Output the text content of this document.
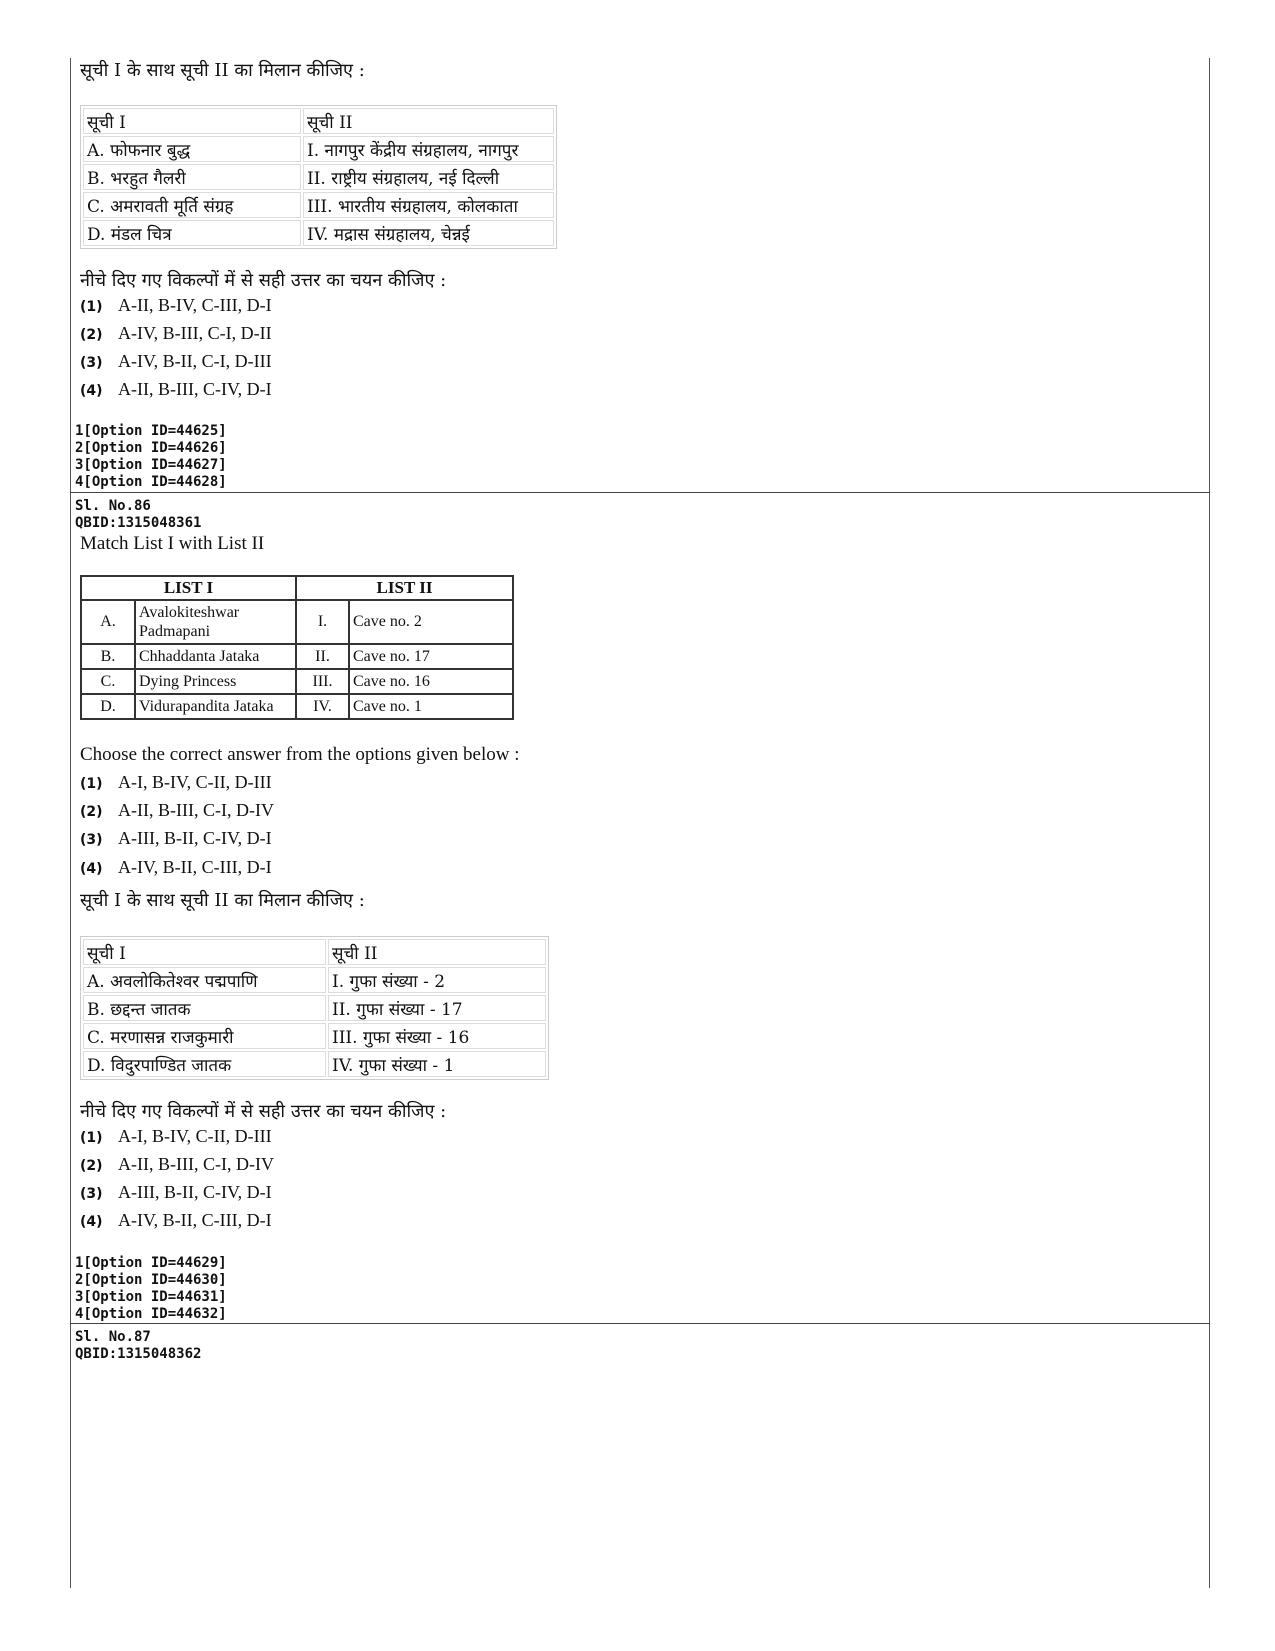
सूची I के साथ सूची II का मिलान कीजिए :
सूची I	सूची II
A. फोफनार बुद्ध	I. नागपुर केंद्रीय संग्रहालय, नागपुर
B. भरहुत गैलरी	II. राष्ट्रीय संग्रहालय, नई दिल्ली
C. अमरावती मूर्ति संग्रह	III. भारतीय संग्रहालय, कोलकाता
D. मंडल चित्र	IV. मद्रास संग्रहालय, चेन्नई
नीचे दिए गए विकल्पों में से सही उत्तर का चयन कीजिए :
(1) A-II, B-IV, C-III, D-I
(2) A-IV, B-III, C-I, D-II
(3) A-IV, B-II, C-I, D-III
(4) A-II, B-III, C-IV, D-I
1[Option ID=44625]
2[Option ID=44626]
3[Option ID=44627]
4[Option ID=44628]
Sl. No.86
QBID:1315048361
Match List I with List II
LIST I		LIST II	
A.	Avalokiteshwar Padmapani	I.	Cave no. 2
B.	Chhaddanta Jataka	II.	Cave no. 17
C.	Dying Princess	III.	Cave no. 16
D.	Vidurapandita Jataka	IV.	Cave no. 1
Choose the correct answer from the options given below :
(1) A-I, B-IV, C-II, D-III
(2) A-II, B-III, C-I, D-IV
(3) A-III, B-II, C-IV, D-I
(4) A-IV, B-II, C-III, D-I
सूची I के साथ सूची II का मिलान कीजिए :
सूची I	सूची II
A. अवलोकितेश्वर पद्मपाणि	I. गुफा संख्या - 2
B. छद्दन्त जातक	II. गुफा संख्या - 17
C. मरणासन्न राजकुमारी	III. गुफा संख्या - 16
D. विदुरपाण्डित जातक	IV. गुफा संख्या - 1
नीचे दिए गए विकल्पों में से सही उत्तर का चयन कीजिए :
(1) A-I, B-IV, C-II, D-III
(2) A-II, B-III, C-I, D-IV
(3) A-III, B-II, C-IV, D-I
(4) A-IV, B-II, C-III, D-I
1[Option ID=44629]
2[Option ID=44630]
3[Option ID=44631]
4[Option ID=44632]
Sl. No.87
QBID:1315048362
